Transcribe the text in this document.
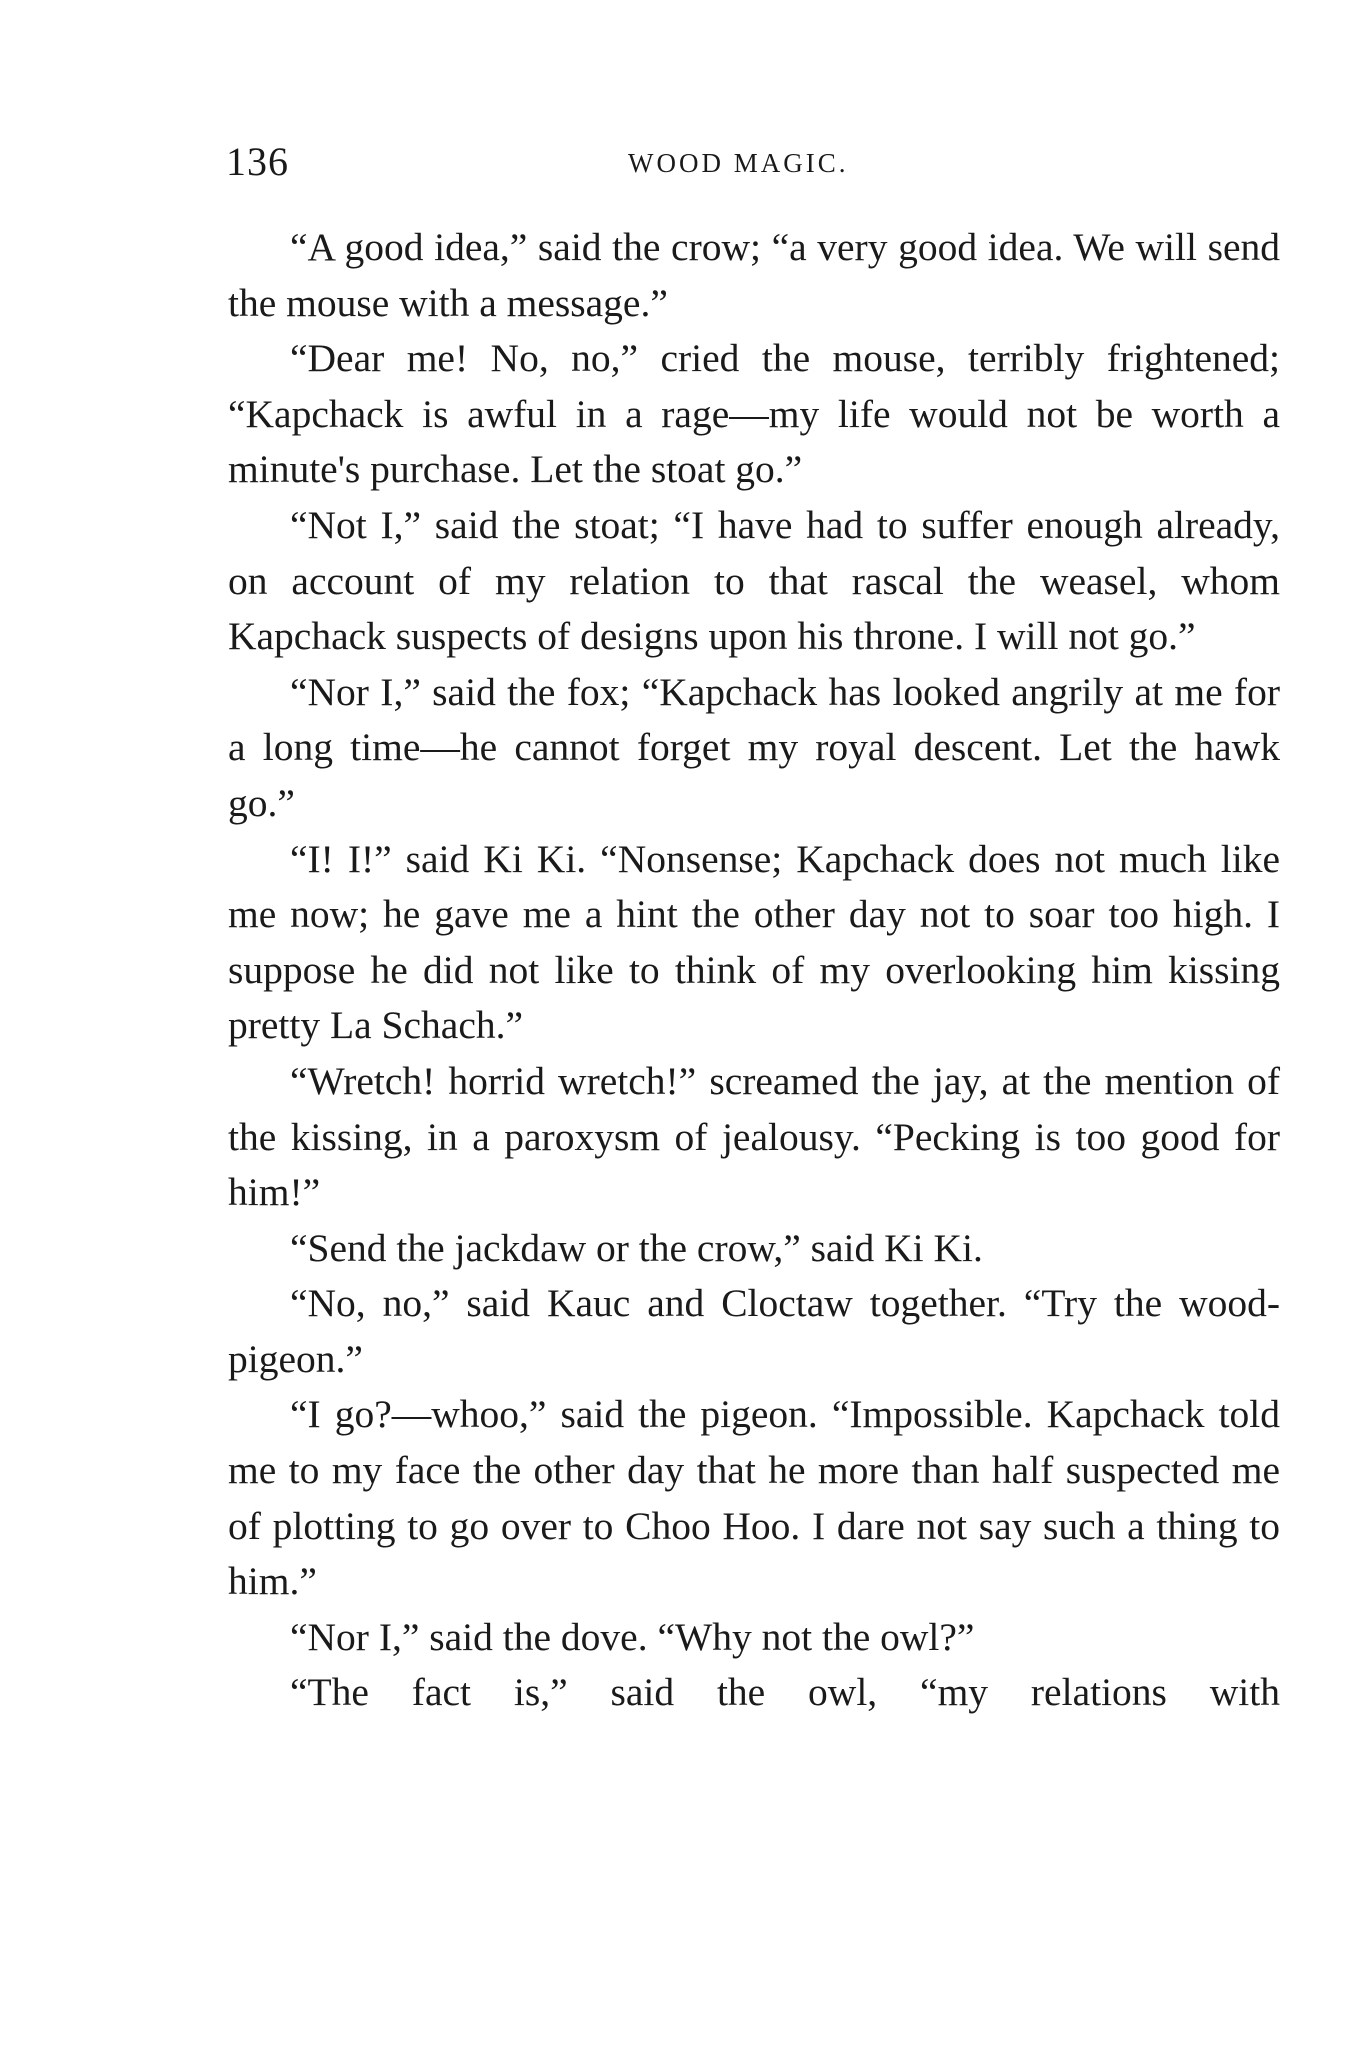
136	WOOD MAGIC.

“A good idea,” said the crow; “a very good idea. We will send the mouse with a message.”

“Dear me! No, no,” cried the mouse, terribly frightened; “Kapchack is awful in a rage—my life would not be worth a minute's purchase. Let the stoat go.”

“Not I,” said the stoat; “I have had to suffer enough already, on account of my relation to that rascal the weasel, whom Kapchack suspects of designs upon his throne. I will not go.”

“Nor I,” said the fox; “Kapchack has looked angrily at me for a long time—he cannot forget my royal descent. Let the hawk go.”

“I! I!” said Ki Ki. “Nonsense; Kapchack does not much like me now; he gave me a hint the other day not to soar too high. I suppose he did not like to think of my overlooking him kissing pretty La Schach.”

“Wretch! horrid wretch!” screamed the jay, at the mention of the kissing, in a paroxysm of jealousy. “Pecking is too good for him!”

“Send the jackdaw or the crow,” said Ki Ki.

“No, no,” said Kauc and Cloctaw together. “Try the wood-pigeon.”

“I go?—whoo,” said the pigeon. “Impossible. Kapchack told me to my face the other day that he more than half suspected me of plotting to go over to Choo Hoo. I dare not say such a thing to him.”

“Nor I,” said the dove. “Why not the owl?”

“The fact is,” said the owl, “my relations with
